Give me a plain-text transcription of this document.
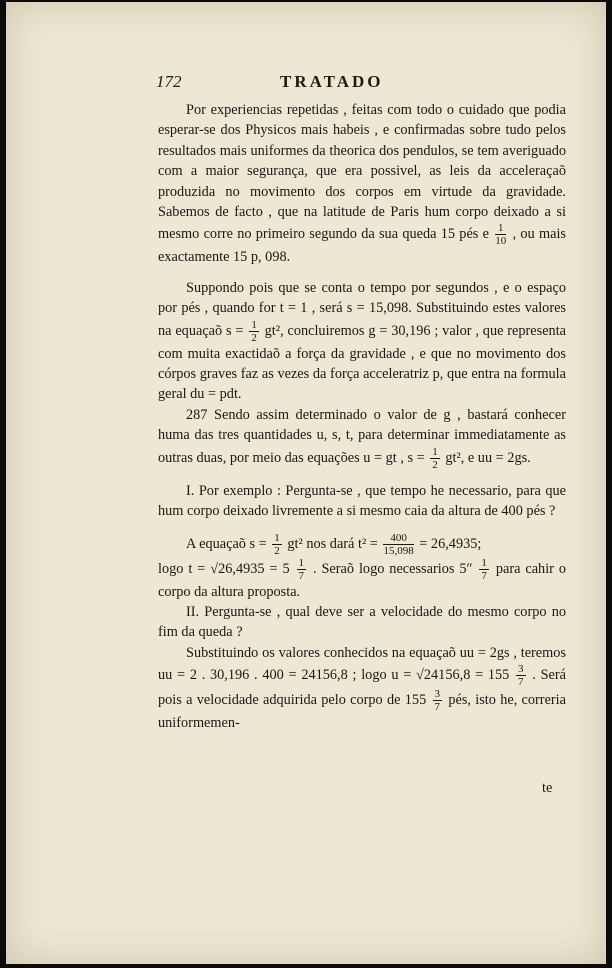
172	TRATADO

Por experiencias repetidas , feitas com todo o cuidado que podia esperar-se dos Physicos mais habeis , e confirmadas sobre tudo pelos resultados mais uniformes da theorica dos pendulos, se tem averiguado com a maior segurança, que era possivel, as leis da acceleraçaõ produzida no movimento dos corpos em virtude da gravidade. Sabemos de facto , que na latitude de Paris hum corpo deixado a si mesmo corre no primeiro segundo da sua queda 15 pés e $\frac{1}{10}$ , ou mais exactamente 15 p, 098.

Suppondo pois que se conta o tempo por segundos , e o espaço por pés , quando for t = 1 , será s = 15,098. Substituindo estes valores na equaçaõ $s = \frac{1}{2} gt^2$, concluiremos g = 30,196 ; valor , que representa com muita exactidaõ a força da gravidade , e que no movimento dos córpos graves faz as vezes da força acceleratriz p, que entra na formula geral du = pdt.

287 Sendo assim determinado o valor de g , bastará conhecer huma das tres quantidades u, s, t, para determinar immediatamente as outras duas, por meio das equações u = gt , $s = \frac{1}{2} gt^2$, e uu = 2gs.

I. Por exemplo : Pergunta-se , que tempo he necessario, para que hum corpo deixado livremente a si mesmo caia da altura de 400 pés ?

A equaçaõ $s = \frac{1}{2} gt^2$ nos dará $t^2 = \frac{400}{15,098} = 26,4935$;

logo $t = √26,4935 = 5 \frac{1}{7}$ . Seraõ logo necessarios $5'' \frac{1}{7}$ para cahir o corpo da altura proposta.

II. Pergunta-se , qual deve ser a velocidade do mesmo corpo no fim da queda ?

Substituindo os valores conhecidos na equaçaõ uu = 2gs , teremos uu = 2 . 30,196 . 400 = 24156,8 ; logo $u = √24156,8 = 155 \frac{3}{7}$ . Será pois a velocidade adquirida pelo corpo de $155 \frac{3}{7}$ pés, isto he, correria uniformemen-

te
